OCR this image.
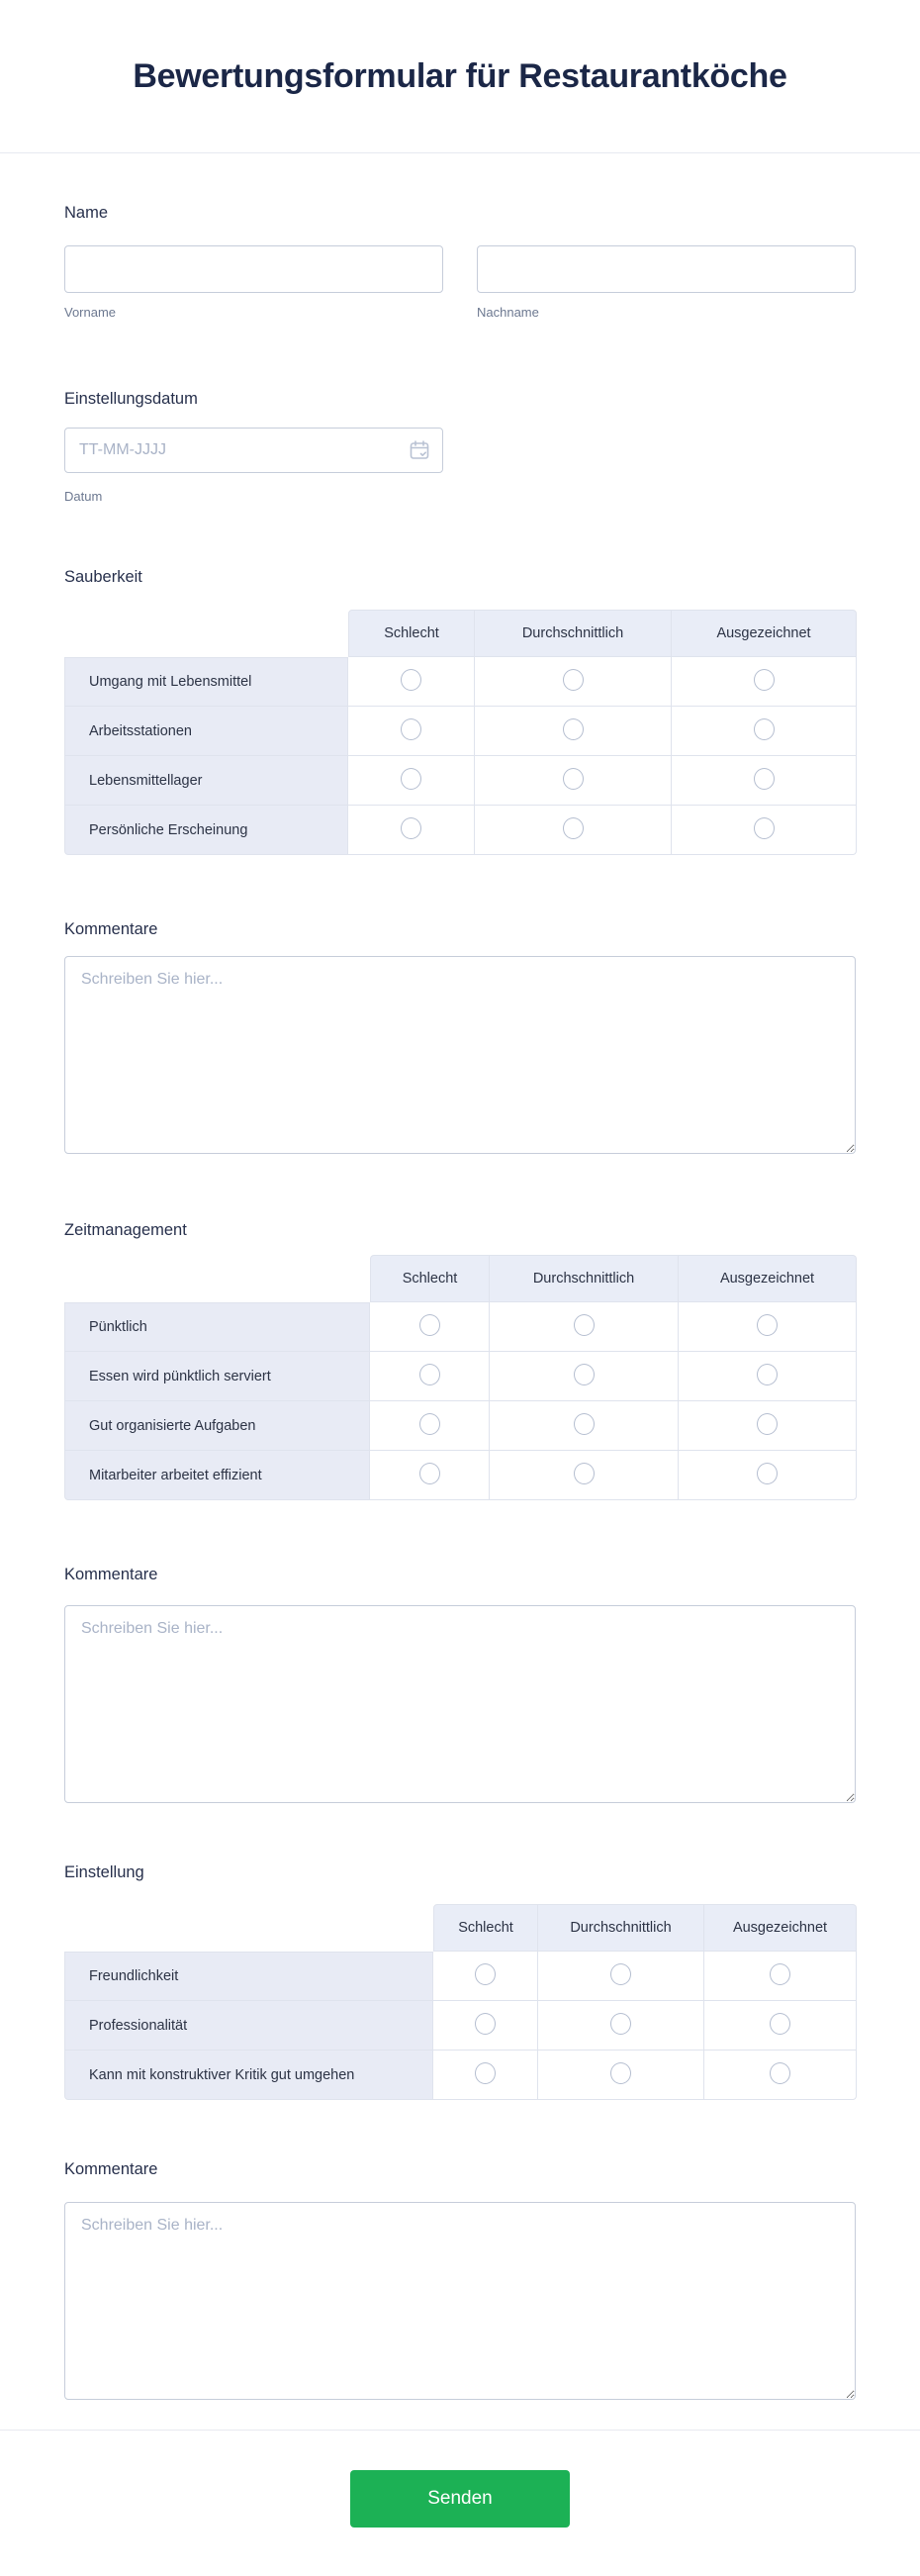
Bewertungsformular für Restaurantköche
Name
Vorname	Nachname
Einstellungsdatum
TT-MM-JJJJ
Datum
Sauberkeit
	Schlecht	Durchschnittlich	Ausgezeichnet
Umgang mit Lebensmittel			
Arbeitsstationen			
Lebensmittellager			
Persönliche Erscheinung			
Kommentare
Schreiben Sie hier...
Zeitmanagement
	Schlecht	Durchschnittlich	Ausgezeichnet
Pünktlich			
Essen wird pünktlich serviert			
Gut organisierte Aufgaben			
Mitarbeiter arbeitet effizient			
Kommentare
Schreiben Sie hier...
Einstellung
	Schlecht	Durchschnittlich	Ausgezeichnet
Freundlichkeit			
Professionalität			
Kann mit konstruktiver Kritik gut umgehen			
Kommentare
Schreiben Sie hier...
Senden
